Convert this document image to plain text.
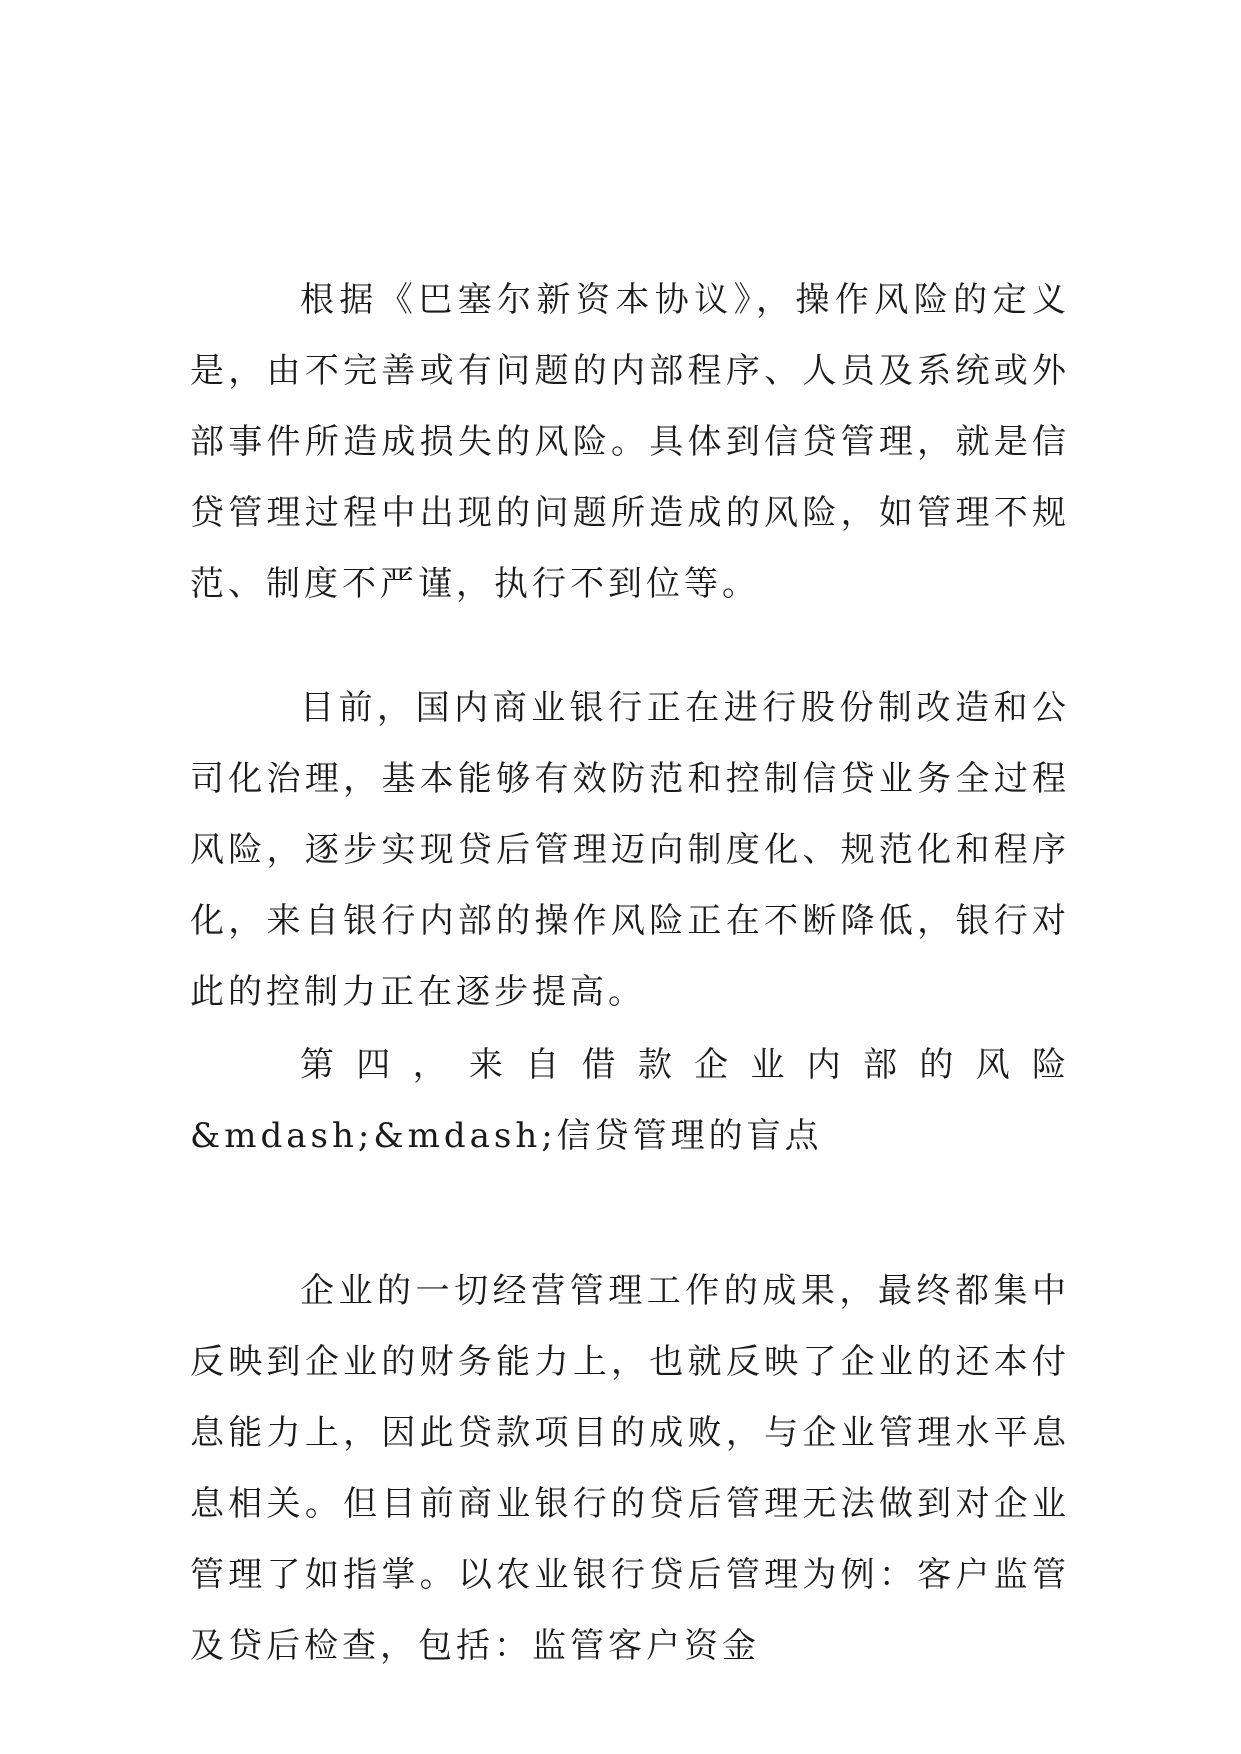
根据《巴塞尔新资本协议》，操作风险的定义是，由不完善或有问题的内部程序、人员及系统或外部事件所造成损失的风险。具体到信贷管理，就是信贷管理过程中出现的问题所造成的风险，如管理不规范、制度不严谨，执行不到位等。

目前，国内商业银行正在进行股份制改造和公司化治理，基本能够有效防范和控制信贷业务全过程风险，逐步实现贷后管理迈向制度化、规范化和程序化，来自银行内部的操作风险正在不断降低，银行对此的控制力正在逐步提高。

第四，来自借款企业内部的风险&mdash;&mdash;信贷管理的盲点

企业的一切经营管理工作的成果，最终都集中反映到企业的财务能力上，也就反映了企业的还本付息能力上，因此贷款项目的成败，与企业管理水平息息相关。但目前商业银行的贷后管理无法做到对企业管理了如指掌。以农业银行贷后管理为例：客户监管及贷后检查，包括：监管客户资金
